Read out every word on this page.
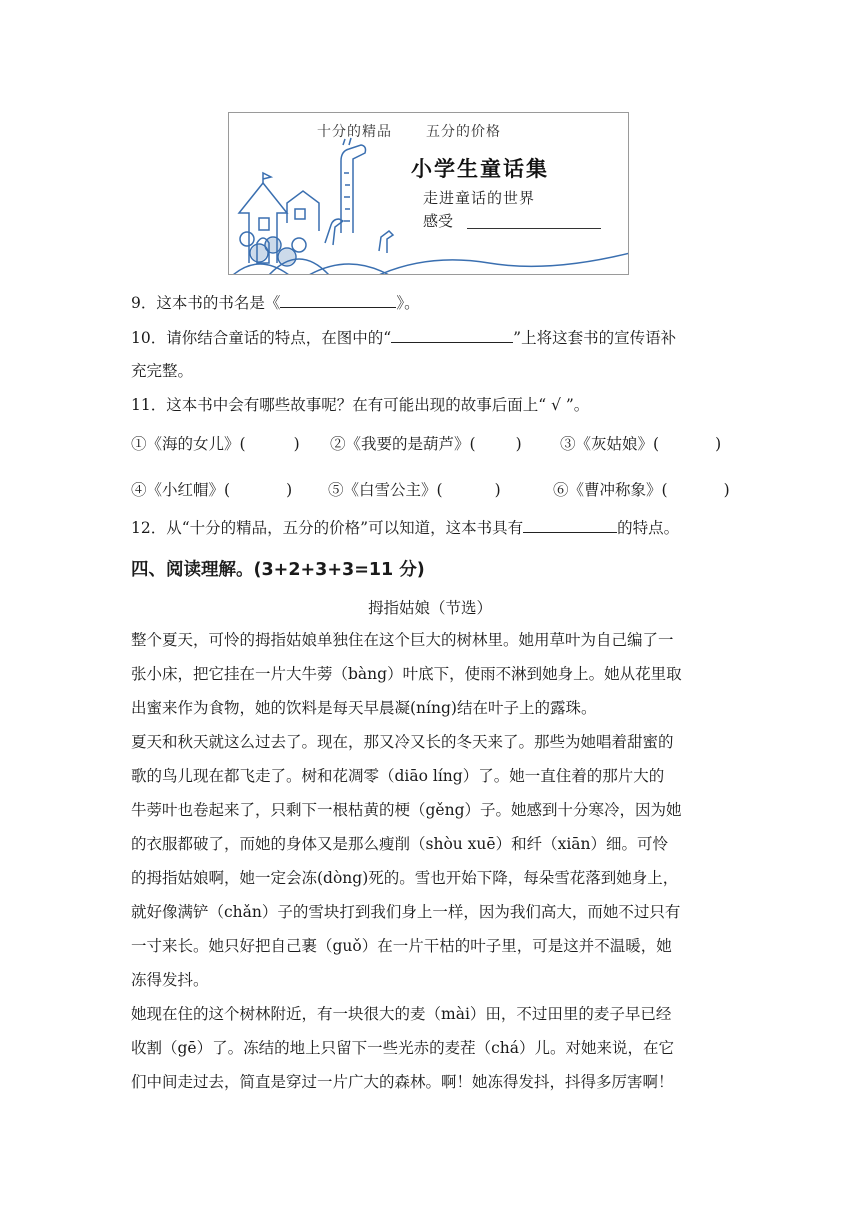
十分的精品 五分的价格
小学生童话集
走进童话的世界
感受
9．这本书的书名是《	》。
10．请你结合童话的特点，在图中的“	”上将这套书的宣传语补
充完整。
11．这本书中会有哪些故事呢？在有可能出现的故事后面上“ √ ”。
①《海的女儿》(	) ②《我要的是葫芦》(	) ③《灰姑娘》(	)
④《小红帽》(	) ⑤《白雪公主》(	)	⑥《曹冲称象》(	)
12．从“十分的精品，五分的价格”可以知道，这本书具有	的特点。
四、阅读理解。(3+2+3+3=11 分)
拇指姑娘（节选）
整个夏天，可怜的拇指姑娘单独住在这个巨大的树林里。她用草叶为自己编了一
张小床，把它挂在一片大牛蒡（bàng）叶底下，使雨不淋到她身上。她从花里取
出蜜来作为食物，她的饮料是每天早晨凝(níng)结在叶子上的露珠。
夏天和秋天就这么过去了。现在，那又冷又长的冬天来了。那些为她唱着甜蜜的
歌的鸟儿现在都飞走了。树和花凋零（diāo líng）了。她一直住着的那片大的
牛蒡叶也卷起来了，只剩下一根枯黄的梗（gěng）子。她感到十分寒冷，因为她
的衣服都破了，而她的身体又是那么瘦削（shòu xuē）和纤（xiān）细。可怜
的拇指姑娘啊，她一定会冻(dòng)死的。雪也开始下降，每朵雪花落到她身上，
就好像满铲（chǎn）子的雪块打到我们身上一样，因为我们高大，而她不过只有
一寸来长。她只好把自己裹（guǒ）在一片干枯的叶子里，可是这并不温暖，她
冻得发抖。
她现在住的这个树林附近，有一块很大的麦（mài）田，不过田里的麦子早已经
收割（gē）了。冻结的地上只留下一些光赤的麦茬（chá）儿。对她来说，在它
们中间走过去，简直是穿过一片广大的森林。啊！她冻得发抖，抖得多厉害啊！
